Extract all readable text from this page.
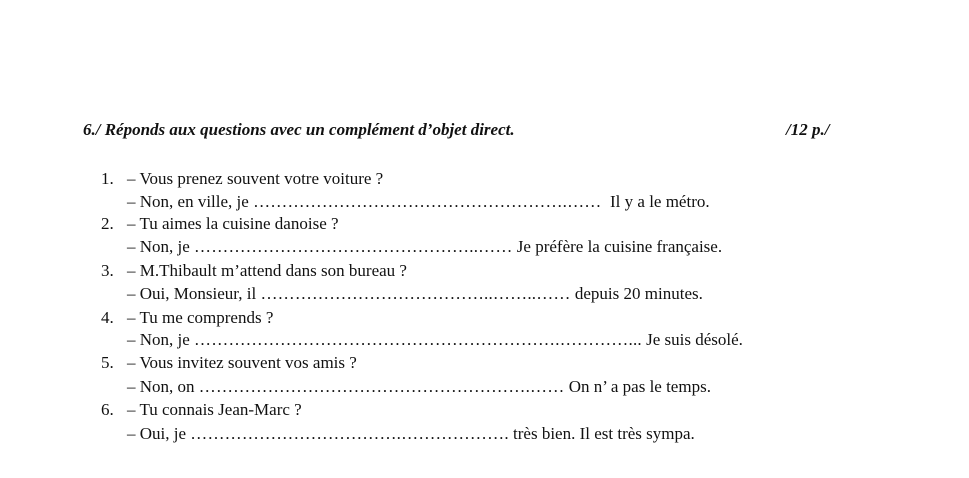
6./ Réponds aux questions avec un complément d’objet direct.	/12 p./
1. – Vous prenez souvent votre voiture ?
– Non, en ville, je ……………………………………………….…… Il y a le métro.
2. – Tu aimes la cuisine danoise ?
– Non, je …………………………………………..…… Je préfère la cuisine française.
3. – M.Thibault m’attend dans son bureau ?
– Oui, Monsieur, il …………………………………..……..…… depuis 20 minutes.
4. – Tu me comprends ?
– Non, je ……………………………………………………….…………... Je suis désolé.
5. – Vous invitez souvent vos amis ?
– Non, on ………………………………………………….…… On n’ a pas le temps.
6. – Tu connais Jean-Marc ?
– Oui, je ……………………………….………………. très bien. Il est très sympa.
